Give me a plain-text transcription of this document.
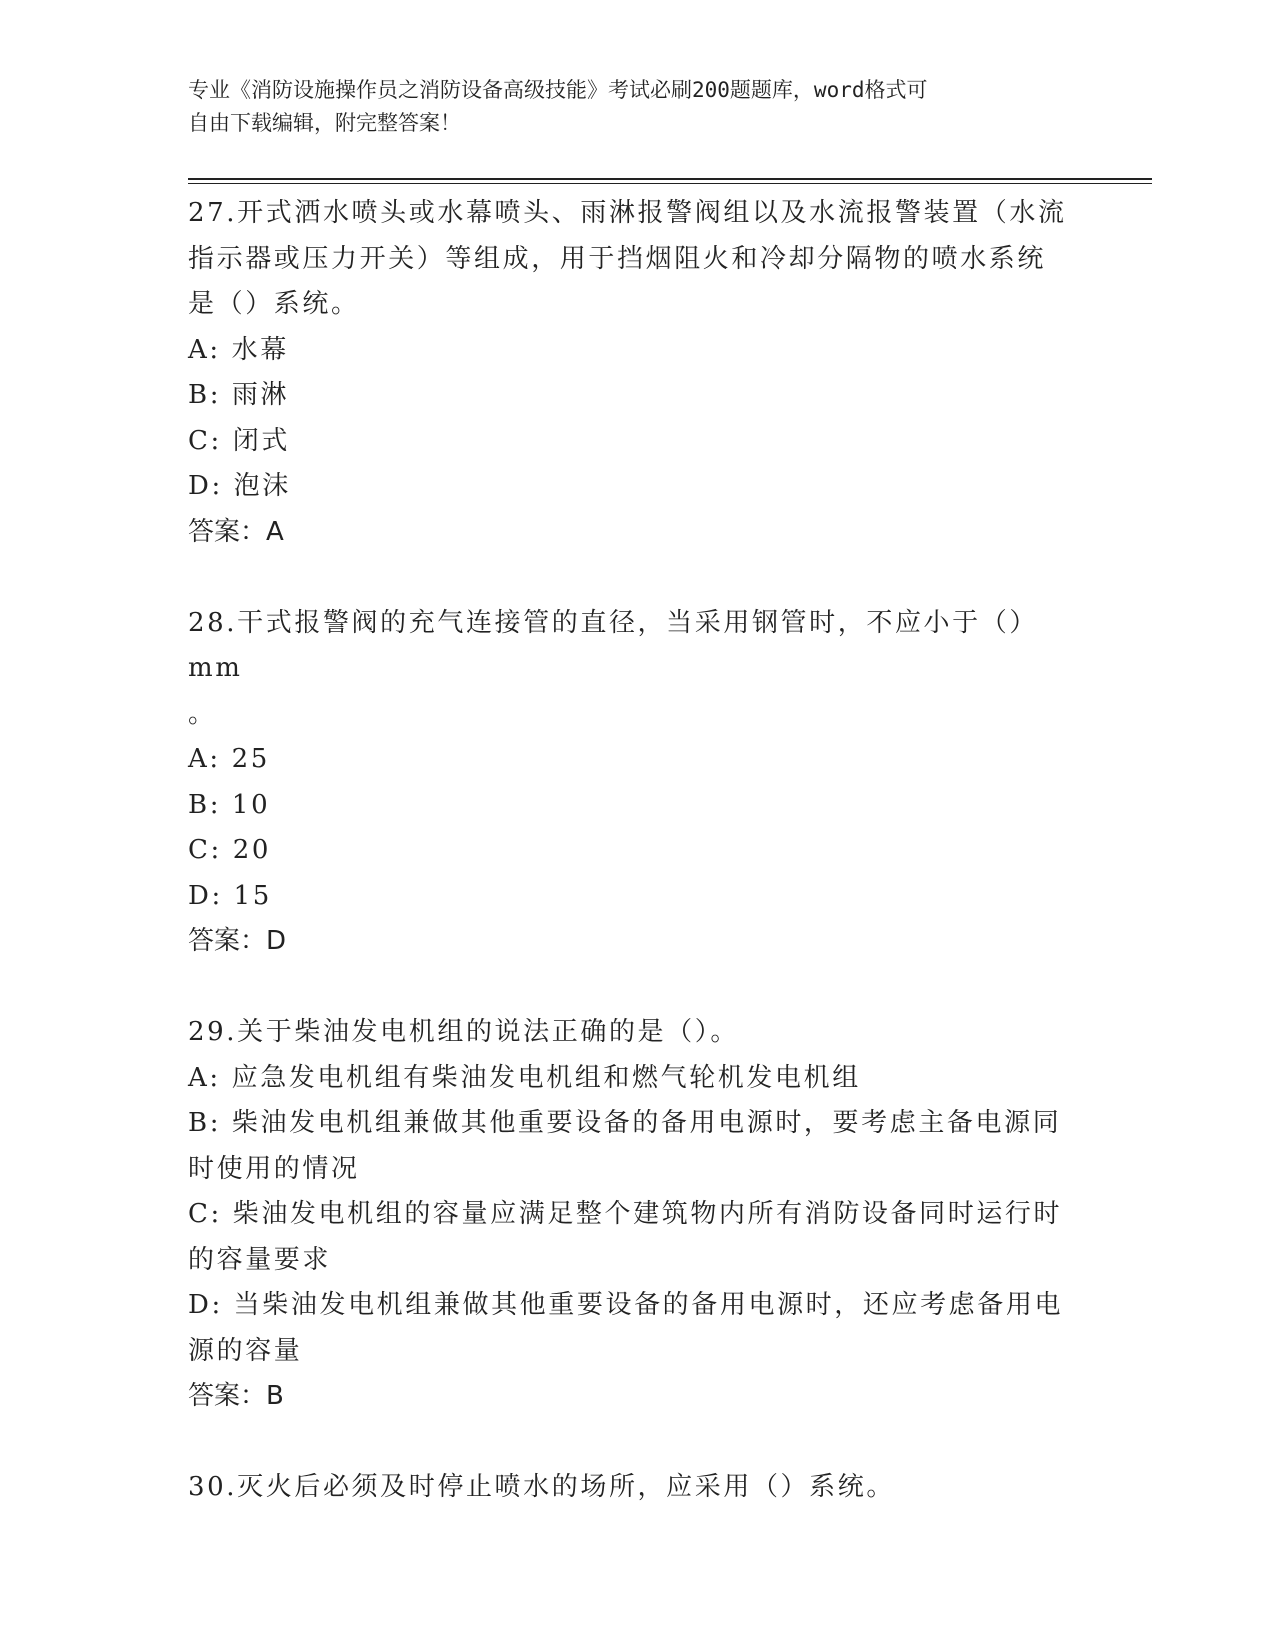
专业《消防设施操作员之消防设备高级技能》考试必刷200题题库，word格式可
自由下载编辑，附完整答案！

27.开式洒水喷头或水幕喷头、雨淋报警阀组以及水流报警装置（水流

指示器或压力开关）等组成，用于挡烟阻火和冷却分隔物的喷水系统

是（）系统。

A: 水幕

B: 雨淋

C: 闭式

D: 泡沫

答案：A

28.干式报警阀的充气连接管的直径，当采用钢管时，不应小于（）mm

。

A: 25

B: 10

C: 20

D: 15

答案：D

29.关于柴油发电机组的说法正确的是（）。

A: 应急发电机组有柴油发电机组和燃气轮机发电机组

B: 柴油发电机组兼做其他重要设备的备用电源时，要考虑主备电源同时使用的情况

C: 柴油发电机组的容量应满足整个建筑物内所有消防设备同时运行时的容量要求

D: 当柴油发电机组兼做其他重要设备的备用电源时，还应考虑备用电源的容量

答案：B

30.灭火后必须及时停止喷水的场所，应采用（）系统。
